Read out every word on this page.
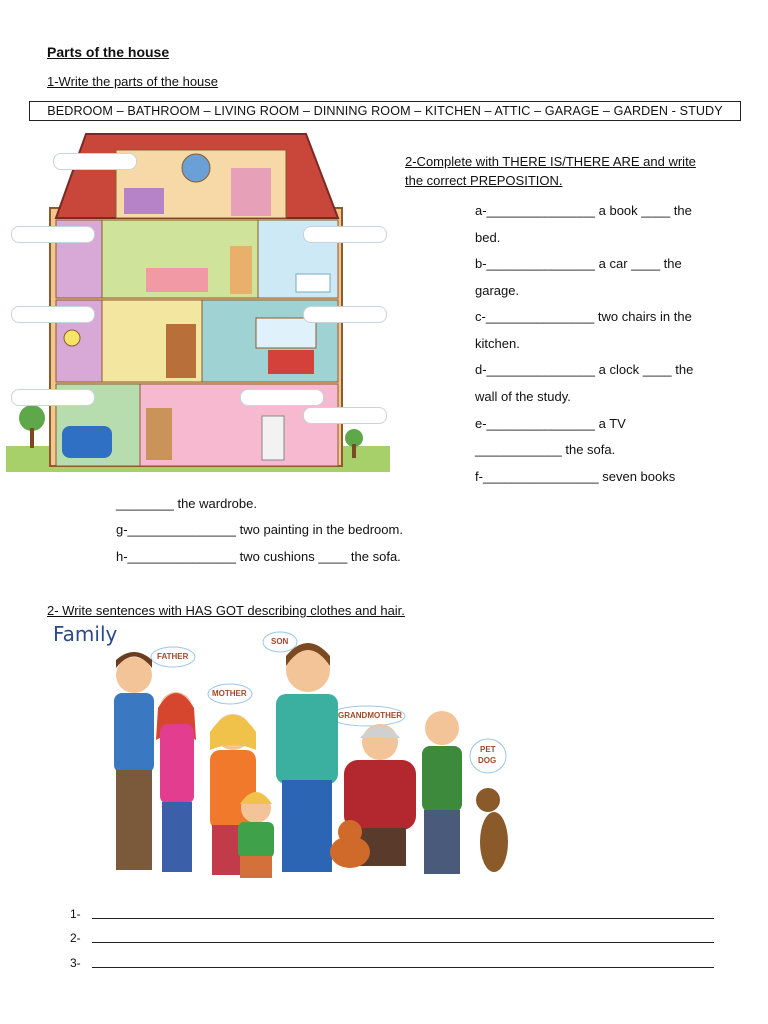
Parts of the house
1-Write the parts of the house
BEDROOM – BATHROOM – LIVING ROOM – DINNING ROOM – KITCHEN – ATTIC – GARAGE – GARDEN - STUDY
2-Complete with THERE IS/THERE ARE and write
the correct PREPOSITION.
a-_______________ a book ____ the
bed.
b-_______________ a car ____ the
garage.
c-_______________ two chairs in the
kitchen.
d-_______________ a clock ____ the
wall of the study.
e-_______________ a TV
____________ the sofa.
f-________________ seven books
________ the wardrobe.
g-_______________ two painting in the bedroom.
h-_______________ two cushions ____ the sofa.
2- Write sentences with HAS GOT describing clothes and hair.
Family
FATHER
SON
MOTHER
GRANDMOTHER
PET
DOG
1-
2-
3-
